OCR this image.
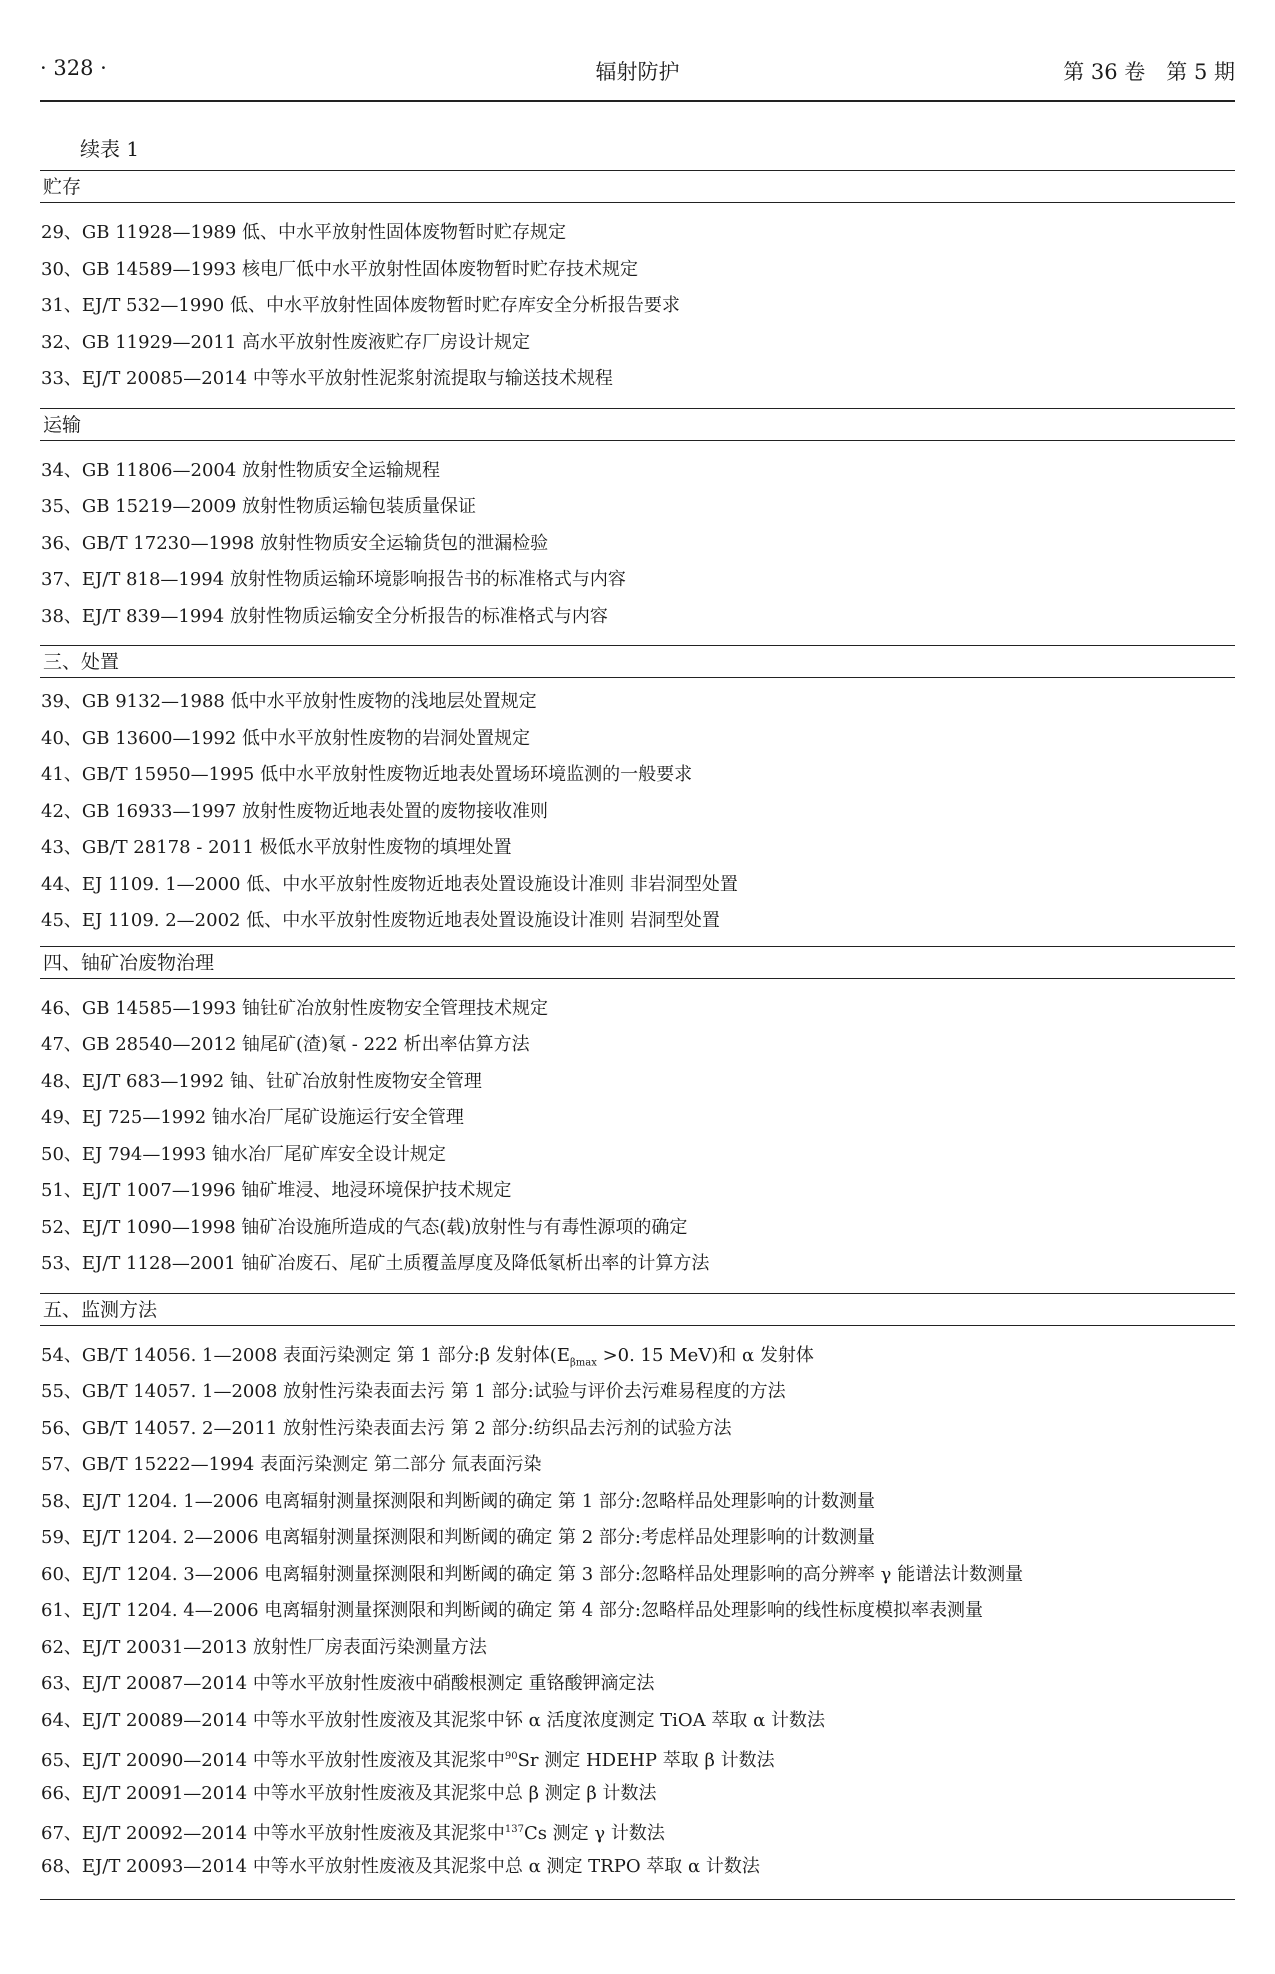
· 328 ·	辐射防护	第 36 卷　第 5 期
续表 1
贮存
29、GB 11928—1989 低、中水平放射性固体废物暂时贮存规定
30、GB 14589—1993 核电厂低中水平放射性固体废物暂时贮存技术规定
31、EJ/T 532—1990 低、中水平放射性固体废物暂时贮存库安全分析报告要求
32、GB 11929—2011 高水平放射性废液贮存厂房设计规定
33、EJ/T 20085—2014 中等水平放射性泥浆射流提取与输送技术规程
运输
34、GB 11806—2004 放射性物质安全运输规程
35、GB 15219—2009 放射性物质运输包装质量保证
36、GB/T 17230—1998 放射性物质安全运输货包的泄漏检验
37、EJ/T 818—1994 放射性物质运输环境影响报告书的标准格式与内容
38、EJ/T 839—1994 放射性物质运输安全分析报告的标准格式与内容
三、处置
39、GB 9132—1988 低中水平放射性废物的浅地层处置规定
40、GB 13600—1992 低中水平放射性废物的岩洞处置规定
41、GB/T 15950—1995 低中水平放射性废物近地表处置场环境监测的一般要求
42、GB 16933—1997 放射性废物近地表处置的废物接收准则
43、GB/T 28178 - 2011 极低水平放射性废物的填埋处置
44、EJ 1109. 1—2000 低、中水平放射性废物近地表处置设施设计准则 非岩洞型处置
45、EJ 1109. 2—2002 低、中水平放射性废物近地表处置设施设计准则 岩洞型处置
四、铀矿冶废物治理
46、GB 14585—1993 铀钍矿冶放射性废物安全管理技术规定
47、GB 28540—2012 铀尾矿(渣)氡 - 222 析出率估算方法
48、EJ/T 683—1992 铀、钍矿冶放射性废物安全管理
49、EJ 725—1992 铀水冶厂尾矿设施运行安全管理
50、EJ 794—1993 铀水冶厂尾矿库安全设计规定
51、EJ/T 1007—1996 铀矿堆浸、地浸环境保护技术规定
52、EJ/T 1090—1998 铀矿冶设施所造成的气态(载)放射性与有毒性源项的确定
53、EJ/T 1128—2001 铀矿冶废石、尾矿土质覆盖厚度及降低氡析出率的计算方法
五、监测方法
54、GB/T 14056. 1—2008 表面污染测定 第 1 部分:β 发射体($E_{\beta max} >0$. 15 MeV)和 α 发射体
55、GB/T 14057. 1—2008 放射性污染表面去污 第 1 部分:试验与评价去污难易程度的方法
56、GB/T 14057. 2—2011 放射性污染表面去污 第 2 部分:纺织品去污剂的试验方法
57、GB/T 15222—1994 表面污染测定 第二部分 氚表面污染
58、EJ/T 1204. 1—2006 电离辐射测量探测限和判断阈的确定 第 1 部分:忽略样品处理影响的计数测量
59、EJ/T 1204. 2—2006 电离辐射测量探测限和判断阈的确定 第 2 部分:考虑样品处理影响的计数测量
60、EJ/T 1204. 3—2006 电离辐射测量探测限和判断阈的确定 第 3 部分:忽略样品处理影响的高分辨率 γ 能谱法计数测量
61、EJ/T 1204. 4—2006 电离辐射测量探测限和判断阈的确定 第 4 部分:忽略样品处理影响的线性标度模拟率表测量
62、EJ/T 20031—2013 放射性厂房表面污染测量方法
63、EJ/T 20087—2014 中等水平放射性废液中硝酸根测定 重铬酸钾滴定法
64、EJ/T 20089—2014 中等水平放射性废液及其泥浆中钚 α 活度浓度测定 TiOA 萃取 α 计数法
65、EJ/T 20090—2014 中等水平放射性废液及其泥浆中$^{90}$Sr 测定 HDEHP 萃取 β 计数法
66、EJ/T 20091—2014 中等水平放射性废液及其泥浆中总 β 测定 β 计数法
67、EJ/T 20092—2014 中等水平放射性废液及其泥浆中$^{137}$Cs 测定 γ 计数法
68、EJ/T 20093—2014 中等水平放射性废液及其泥浆中总 α 测定 TRPO 萃取 α 计数法
